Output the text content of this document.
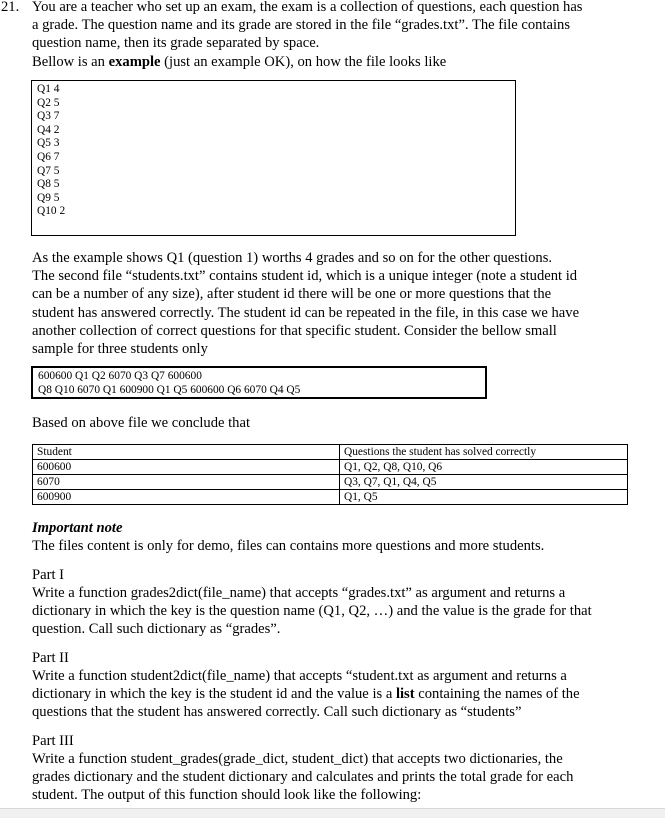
21. You are a teacher who set up an exam, the exam is a collection of questions, each question has
a grade. The question name and its grade are stored in the file “grades.txt”. The file contains
question name, then its grade separated by space.
Bellow is an example (just an example OK), on how the file looks like
Q1 4
Q2 5
Q3 7
Q4 2
Q5 3
Q6 7
Q7 5
Q8 5
Q9 5
Q10 2
As the example shows Q1 (question 1) worths 4 grades and so on for the other questions.
The second file “students.txt” contains student id, which is a unique integer (note a student id
can be a number of any size), after student id there will be one or more questions that the
student has answered correctly. The student id can be repeated in the file, in this case we have
another collection of correct questions for that specific student. Consider the bellow small
sample for three students only
600600 Q1 Q2 6070 Q3 Q7 600600
Q8 Q10 6070 Q1 600900 Q1 Q5 600600 Q6 6070 Q4 Q5
Based on above file we conclude that
Student	Questions the student has solved correctly
600600	Q1, Q2, Q8, Q10, Q6
6070	Q3, Q7, Q1, Q4, Q5
600900	Q1, Q5
Important note
The files content is only for demo, files can contains more questions and more students.
Part I
Write a function grades2dict(file_name) that accepts “grades.txt” as argument and returns a
dictionary in which the key is the question name (Q1, Q2, …) and the value is the grade for that
question. Call such dictionary as “grades”.
Part II
Write a function student2dict(file_name) that accepts “student.txt as argument and returns a
dictionary in which the key is the student id and the value is a list containing the names of the
questions that the student has answered correctly. Call such dictionary as “students”
Part III
Write a function student_grades(grade_dict, student_dict) that accepts two dictionaries, the
grades dictionary and the student dictionary and calculates and prints the total grade for each
student. The output of this function should look like the following:
